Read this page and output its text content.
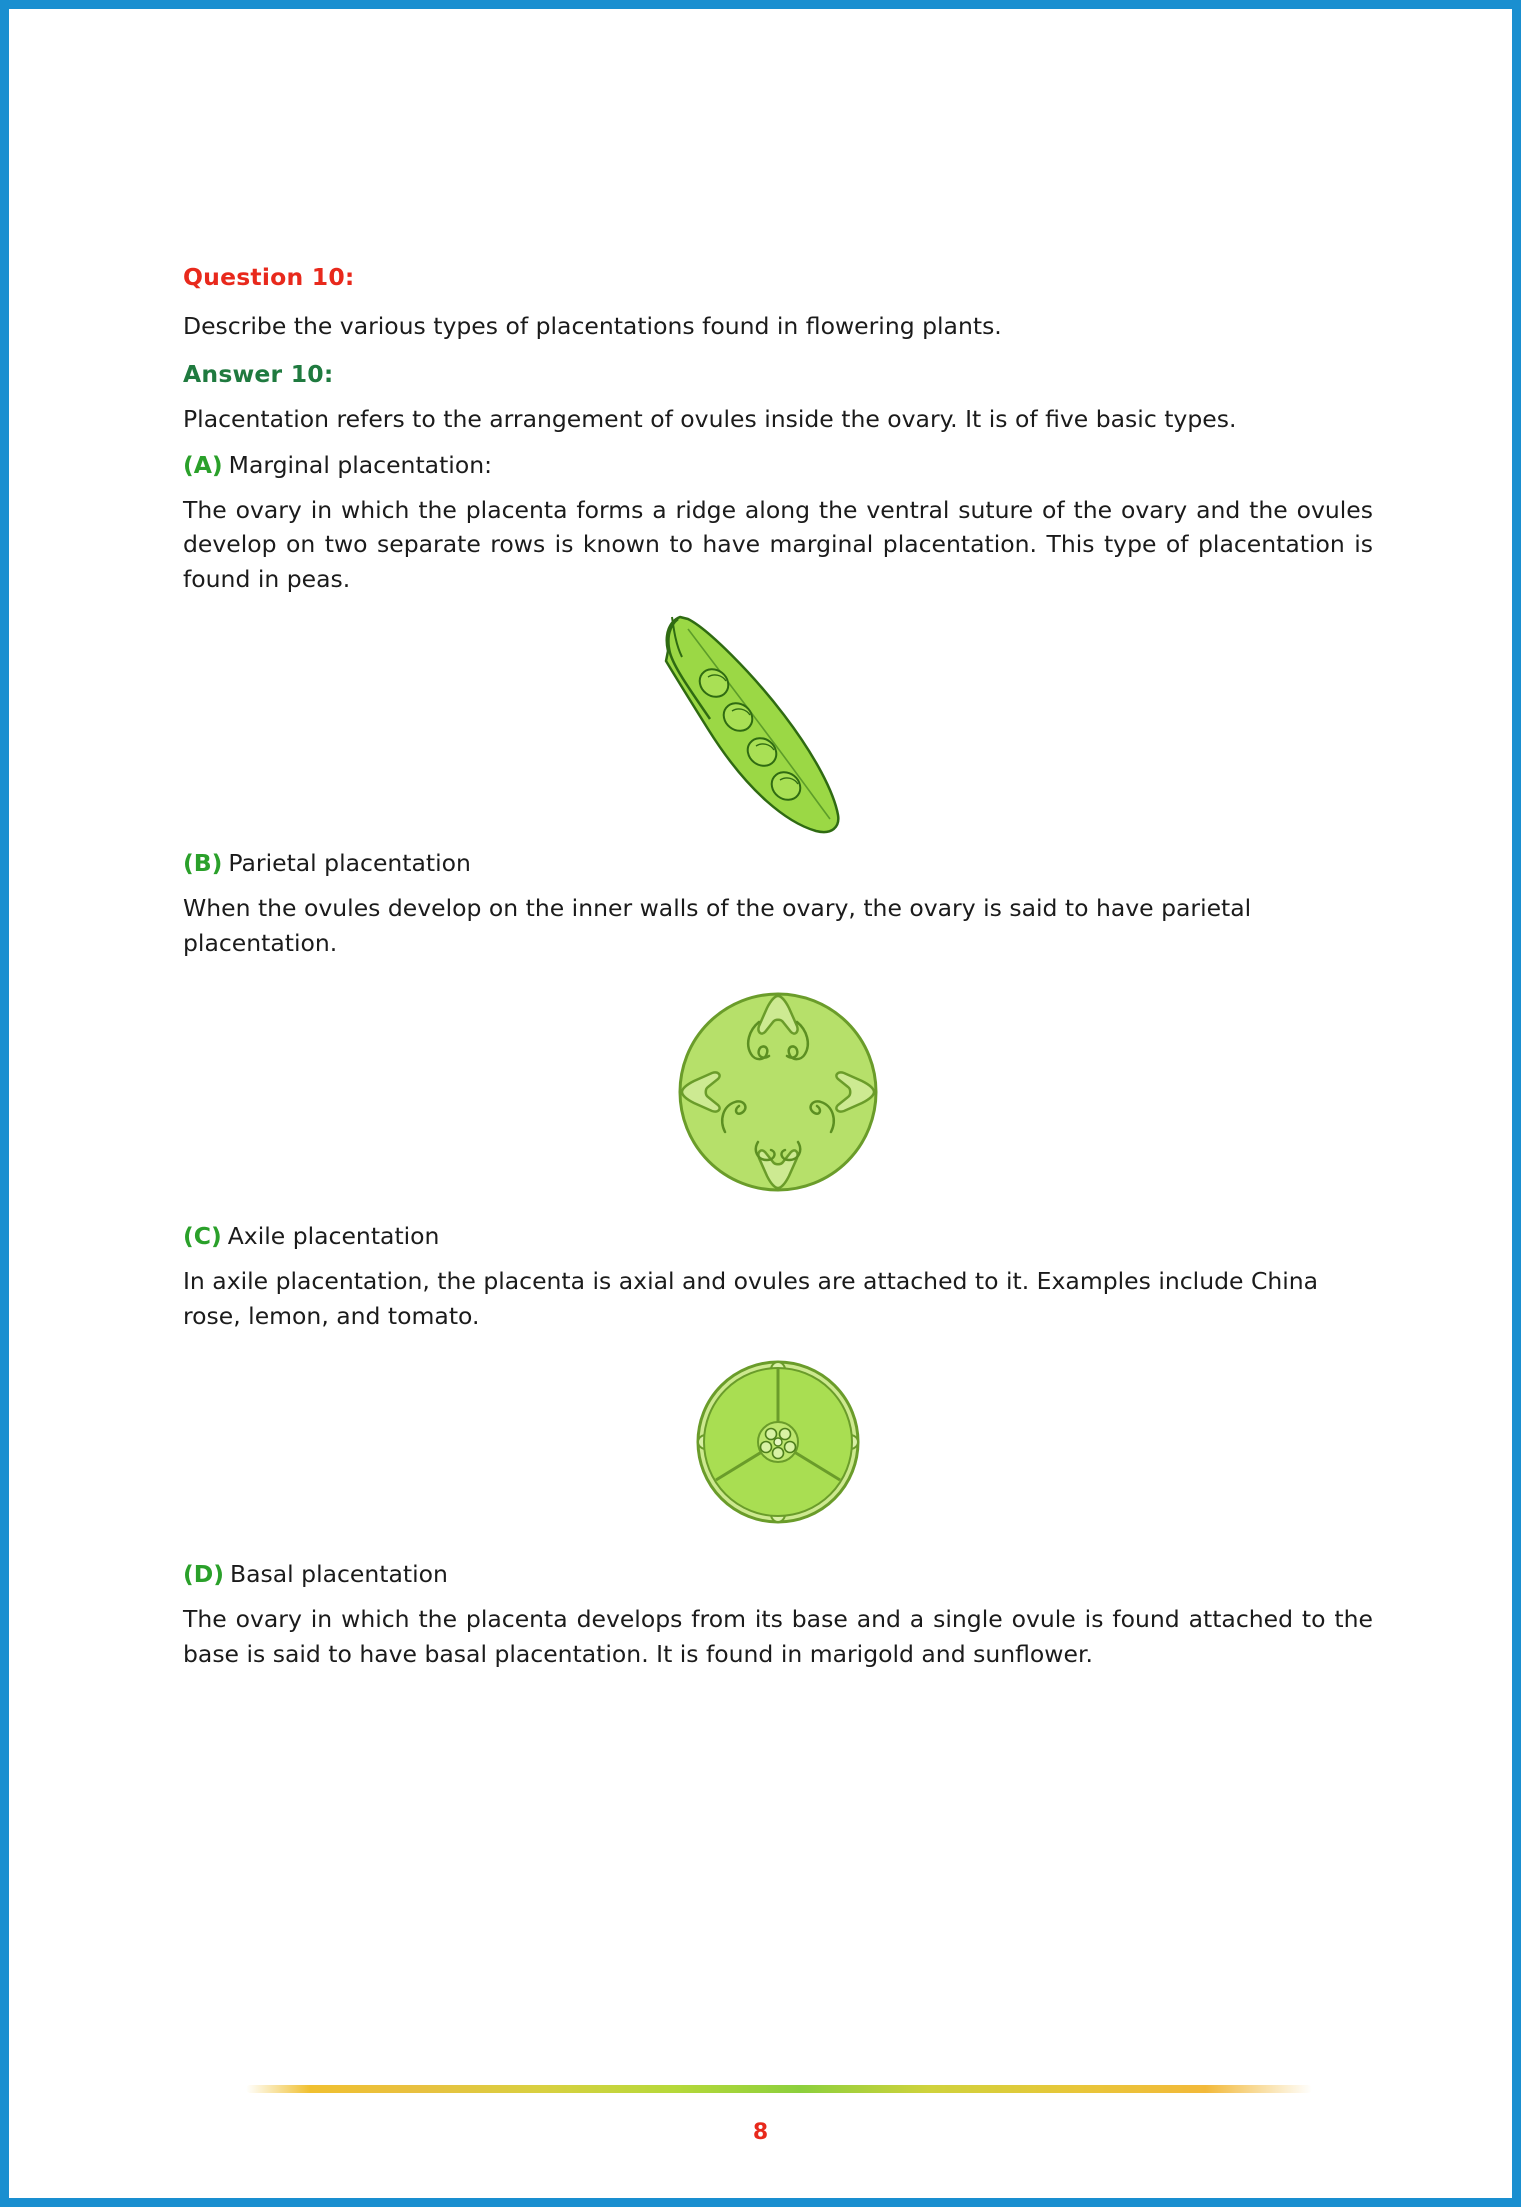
Question 10:

Describe the various types of placentations found in flowering plants.

Answer 10:

Placentation refers to the arrangement of ovules inside the ovary. It is of five basic types.

(A) Marginal placentation:

The ovary in which the placenta forms a ridge along the ventral suture of the ovary and the ovules develop on two separate rows is known to have marginal placentation. This type of placentation is found in peas.

(B) Parietal placentation

When the ovules develop on the inner walls of the ovary, the ovary is said to have parietal placentation.

(C) Axile placentation

In axile placentation, the placenta is axial and ovules are attached to it. Examples include China rose, lemon, and tomato.

(D) Basal placentation

The ovary in which the placenta develops from its base and a single ovule is found attached to the base is said to have basal placentation. It is found in marigold and sunflower.

8
